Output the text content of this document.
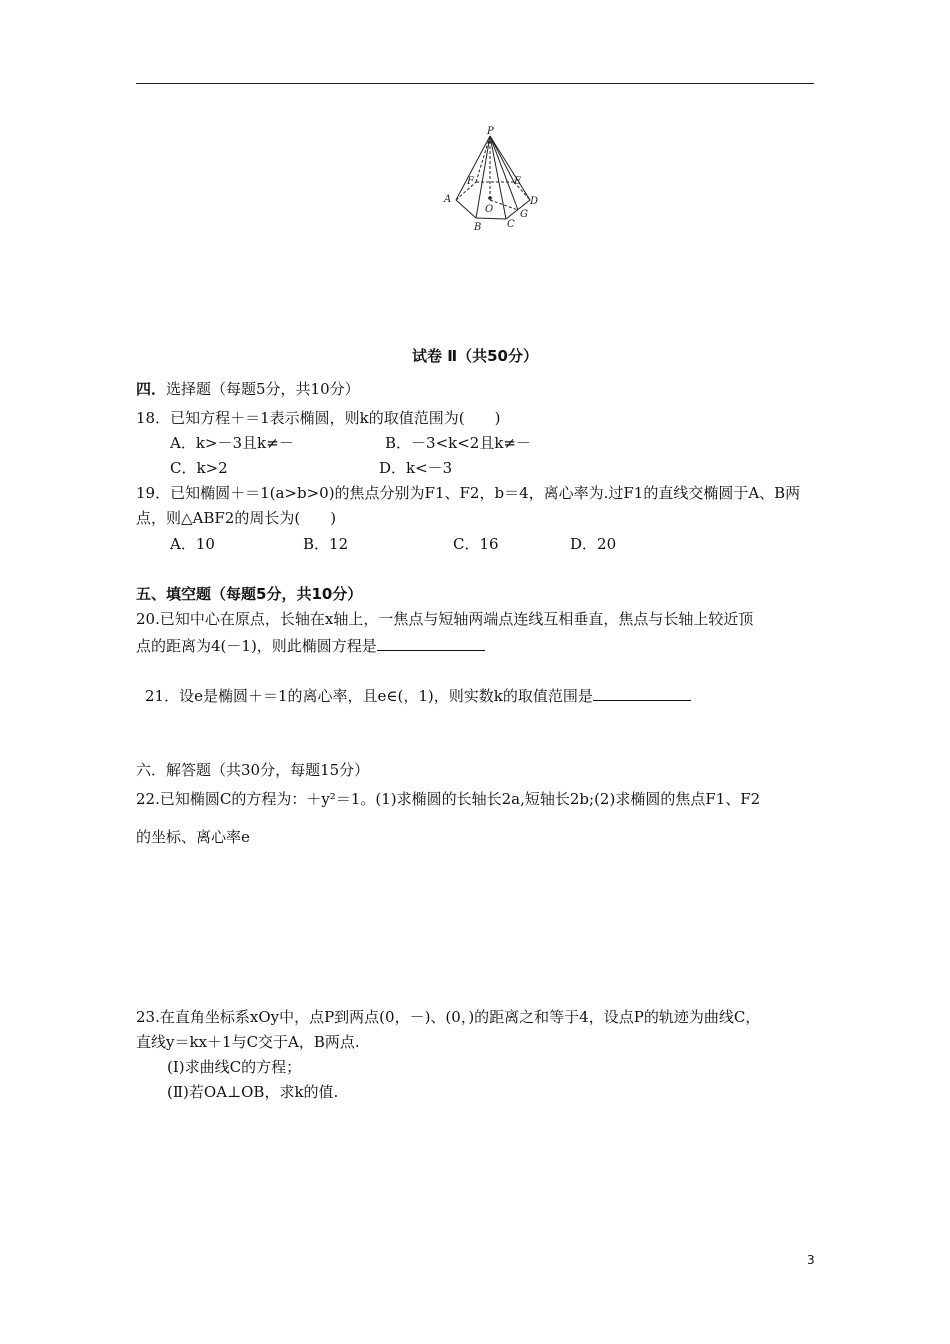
P
A
B	C
D
E
F
O	G
试卷 Ⅱ（共50分）
四．选择题（每题5分，共10分）
18．已知方程＋＝1表示椭圆，则k的取值范围为(　　)
A．k>－3且k≠－	B．－3<k<2且k≠－
C．k>2	D．k<－3
19．已知椭圆＋＝1(a>b>0)的焦点分别为F1、F2，b＝4，离心率为.过F1的直线交椭圆于A、B两
点，则△ABF2的周长为(　　)
A．10	B．12	C．16	D．20
五、填空题（每题5分，共10分）
20.已知中心在原点，长轴在x轴上，一焦点与短轴两端点连线互相垂直，焦点与长轴上较近顶
点的距离为4(－1)，则此椭圆方程是
21．设e是椭圆＋＝1的离心率，且e∈(，1)，则实数k的取值范围是
六．解答题（共30分，每题15分）
22.已知椭圆C的方程为：＋y²＝1。(1)求椭圆的长轴长2a,短轴长2b;(2)求椭圆的焦点F1、F2
的坐标、离心率e
23.在直角坐标系xOy中，点P到两点(0，－)、(0，)的距离之和等于4，设点P的轨迹为曲线C，
直线y＝kx＋1与C交于A，B两点.
(Ⅰ)求曲线C的方程；
(Ⅱ)若OA⊥OB，求k的值.
3
